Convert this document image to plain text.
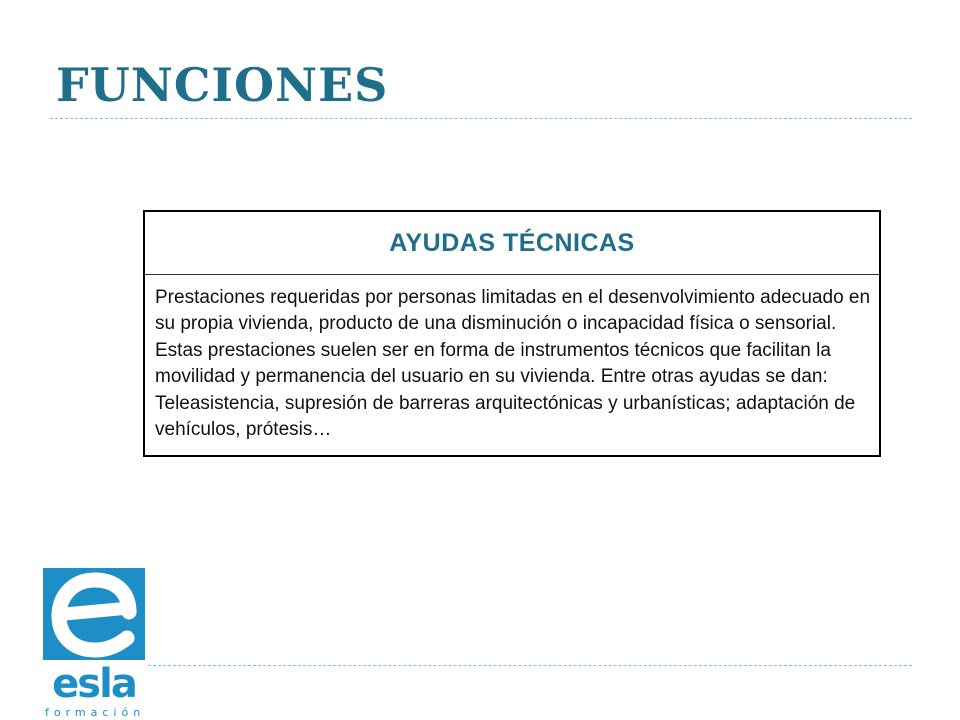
FUNCIONES
AYUDAS TÉCNICAS
Prestaciones requeridas por personas limitadas en el desenvolvimiento adecuado en su propia vivienda, producto de una disminución o incapacidad física o sensorial. Estas prestaciones suelen ser en forma de instrumentos técnicos que facilitan la movilidad y permanencia del usuario en su vivienda. Entre otras ayudas se dan: Teleasistencia, supresión de barreras arquitectónicas y urbanísticas; adaptación de vehículos, prótesis…
esla
formación
